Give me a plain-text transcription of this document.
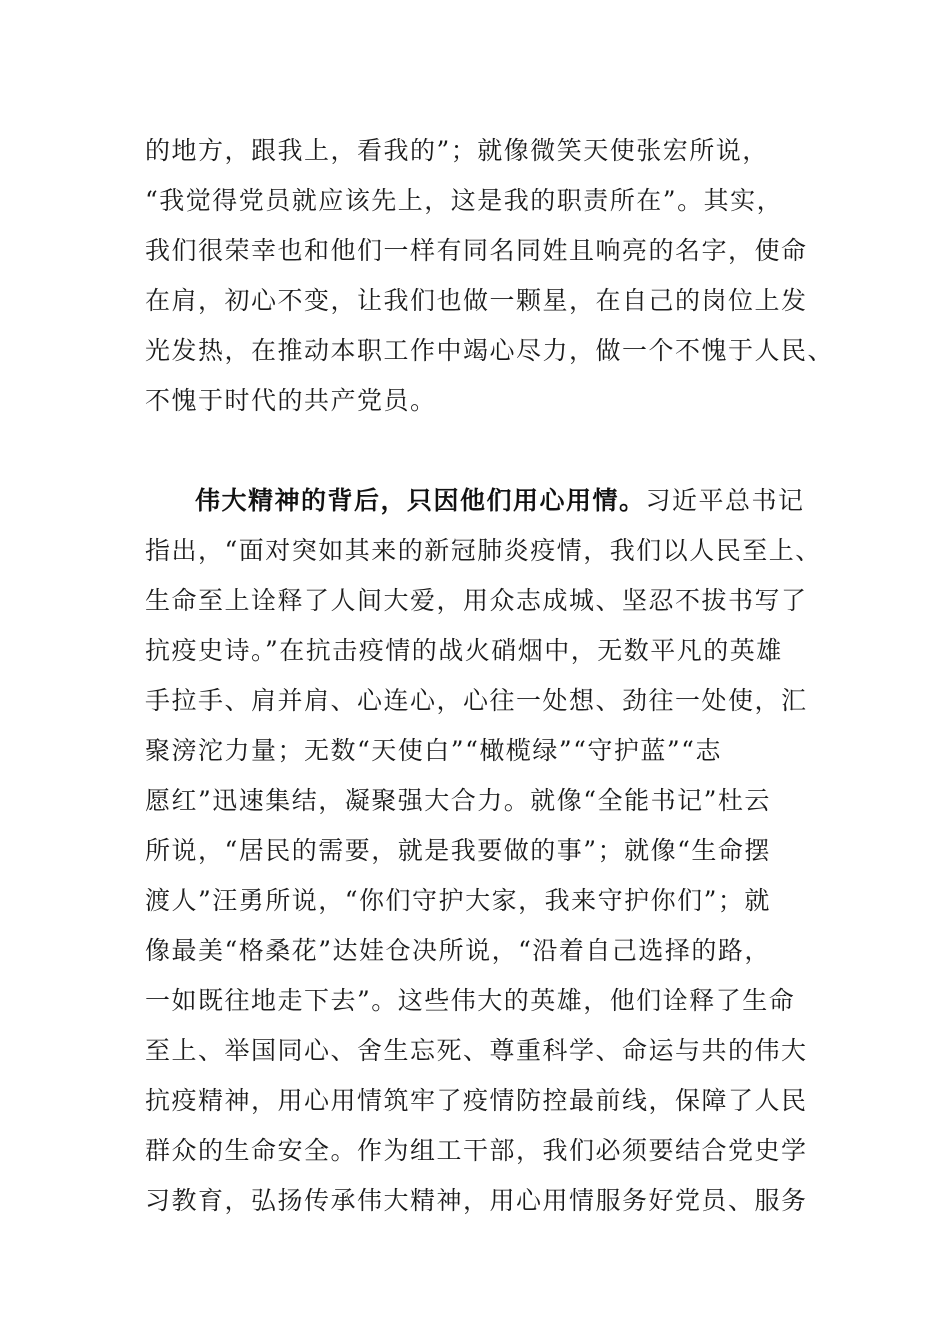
的地方，跟我上，看我的”；就像微笑天使张宏所说，
“我觉得党员就应该先上，这是我的职责所在”。其实，
我们很荣幸也和他们一样有同名同姓且响亮的名字，使命
在肩，初心不变，让我们也做一颗星，在自己的岗位上发
光发热，在推动本职工作中竭心尽力，做一个不愧于人民、
不愧于时代的共产党员。
伟大精神的背后，只因他们用心用情。习近平总书记
指出，“面对突如其来的新冠肺炎疫情，我们以人民至上、
生命至上诠释了人间大爱，用众志成城、坚忍不拔书写了
抗疫史诗。”在抗击疫情的战火硝烟中，无数平凡的英雄
手拉手、肩并肩、心连心，心往一处想、劲往一处使，汇
聚滂沱力量；无数“天使白”“橄榄绿”“守护蓝”“志
愿红”迅速集结，凝聚强大合力。就像“全能书记”杜云
所说，“居民的需要，就是我要做的事”；就像“生命摆
渡人”汪勇所说，“你们守护大家，我来守护你们”；就
像最美“格桑花”达娃仓决所说，“沿着自己选择的路，
一如既往地走下去”。这些伟大的英雄，他们诠释了生命
至上、举国同心、舍生忘死、尊重科学、命运与共的伟大
抗疫精神，用心用情筑牢了疫情防控最前线，保障了人民
群众的生命安全。作为组工干部，我们必须要结合党史学
习教育，弘扬传承伟大精神，用心用情服务好党员、服务
